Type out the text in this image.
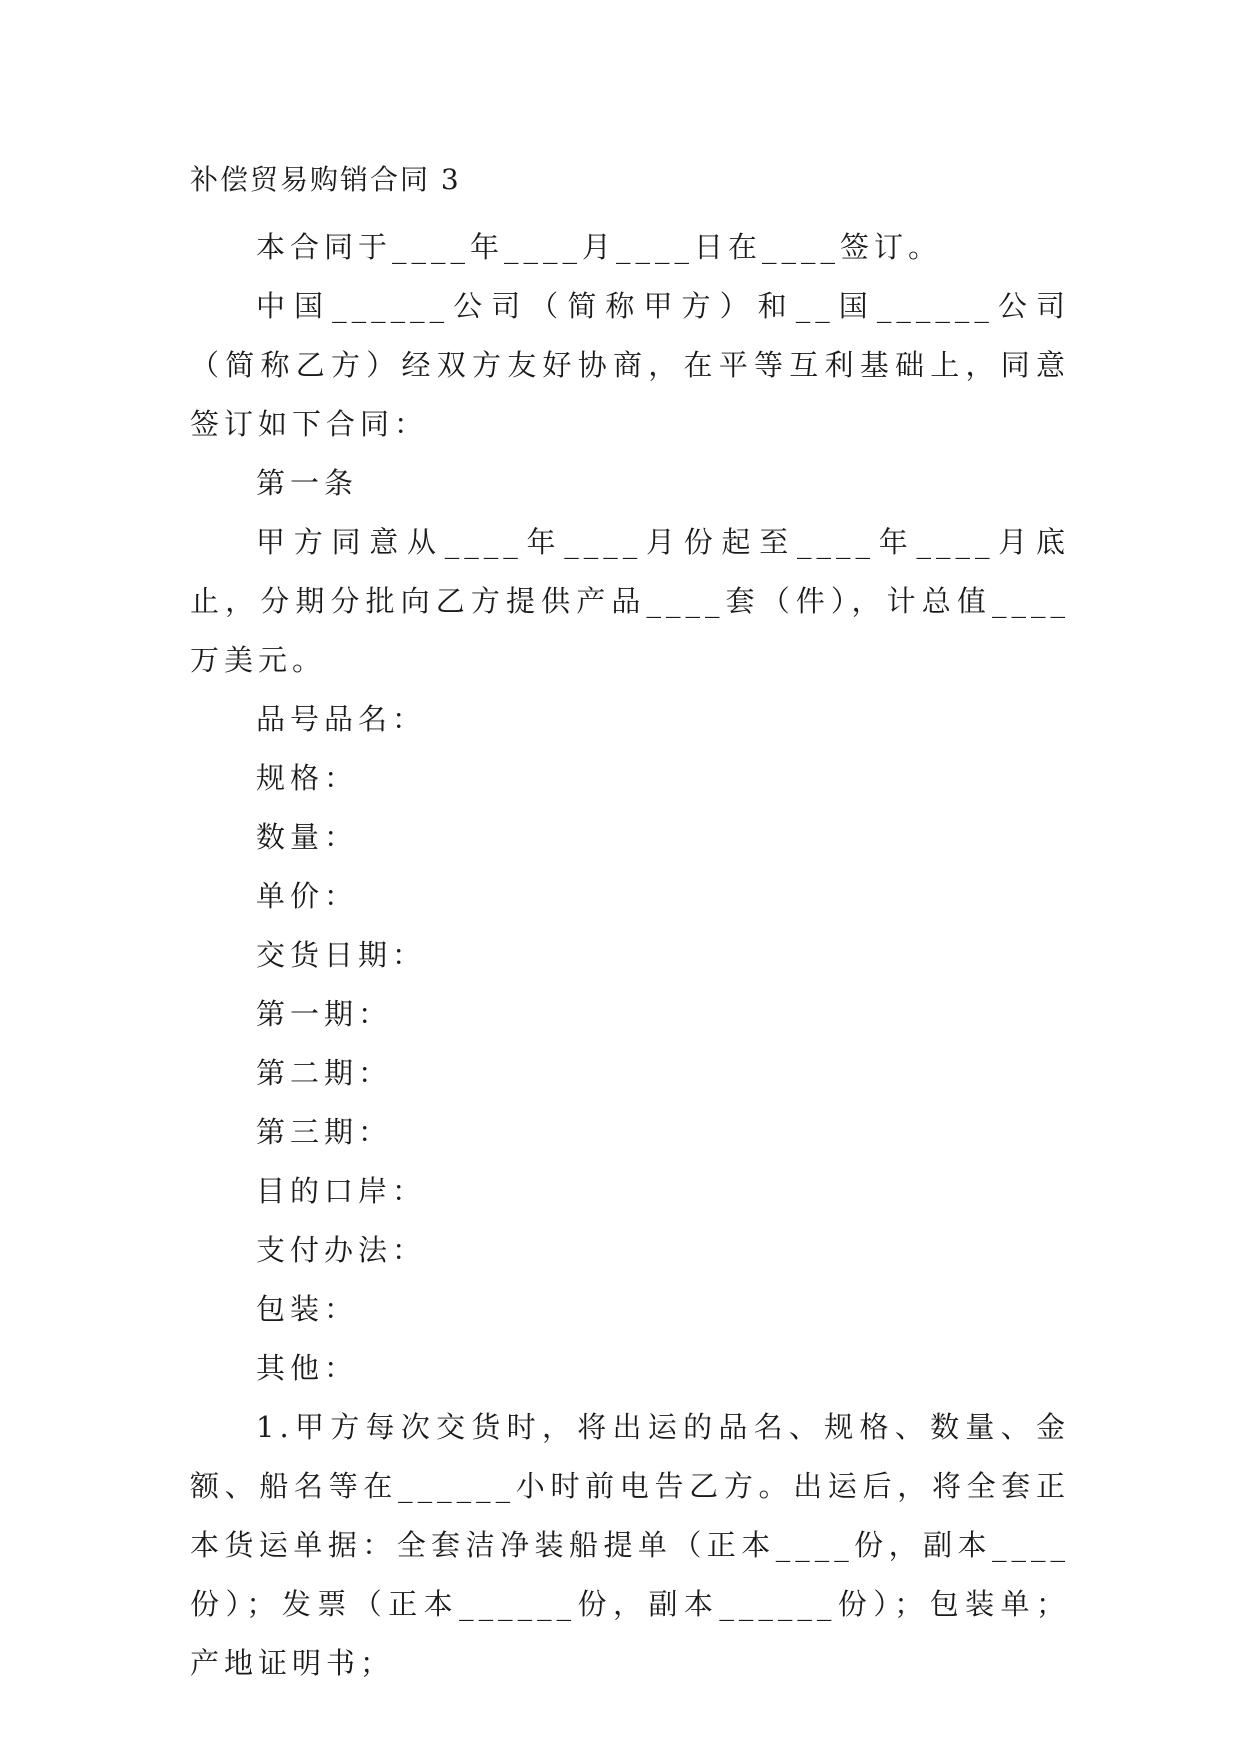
补偿贸易购销合同 3

本合同于____年____月____日在____签订。

中国______公司（简称甲方）和__国______公司（简称乙方）经双方友好协商，在平等互利基础上，同意签订如下合同：

第一条

甲方同意从____年____月份起至____年____月底止，分期分批向乙方提供产品____套（件），计总值____万美元。

品号品名：

规格：

数量：

单价：

交货日期：

第一期：

第二期：

第三期：

目的口岸：

支付办法：

包装：

其他：

1.甲方每次交货时，将出运的品名、规格、数量、金额、船名等在______小时前电告乙方。出运后，将全套正本货运单据：全套洁净装船提单（正本____份，副本____份）；发票（正本______份，副本______份）；包装单；产地证明书；
